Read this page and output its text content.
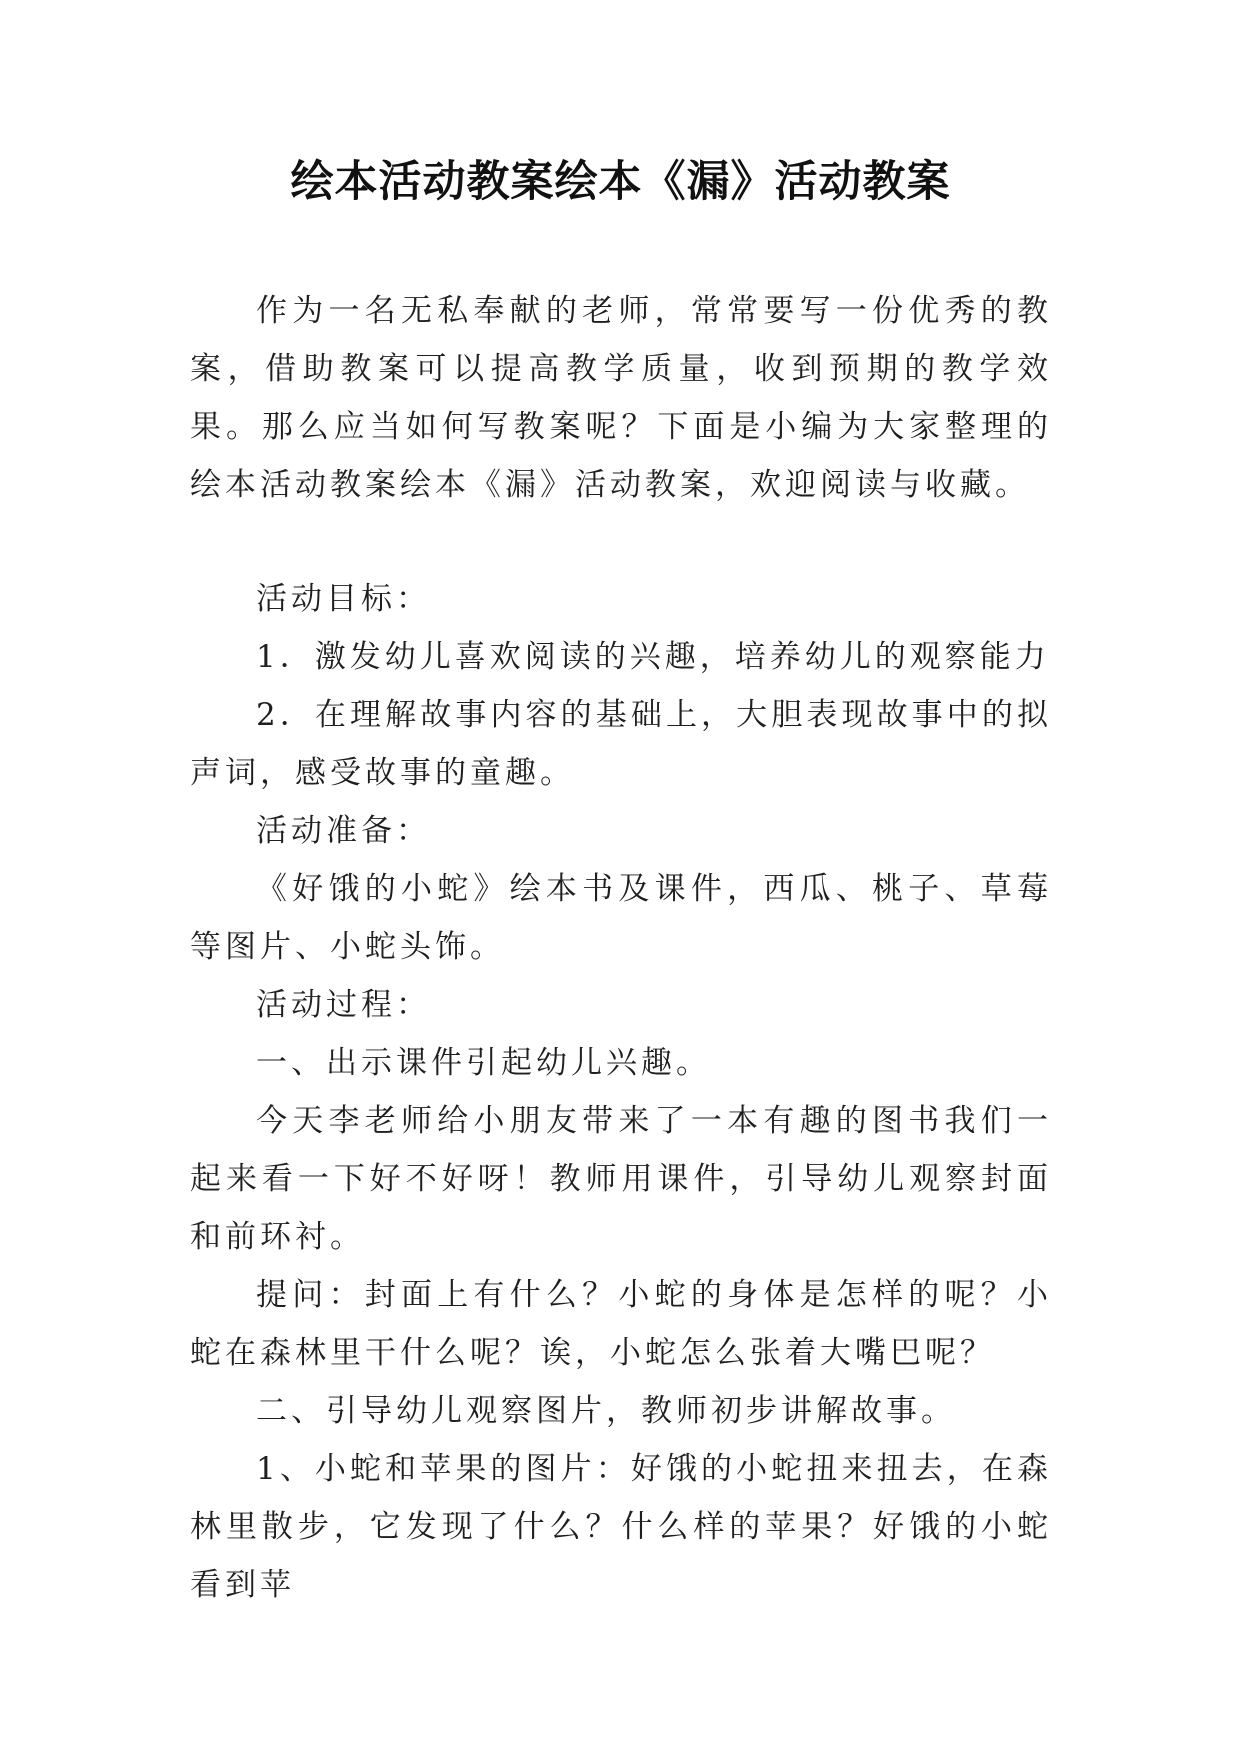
绘本活动教案绘本《漏》活动教案

作为一名无私奉献的老师，常常要写一份优秀的教案，借助教案可以提高教学质量，收到预期的教学效果。那么应当如何写教案呢？下面是小编为大家整理的绘本活动教案绘本《漏》活动教案，欢迎阅读与收藏。

活动目标：

1．激发幼儿喜欢阅读的兴趣，培养幼儿的观察能力

2．在理解故事内容的基础上，大胆表现故事中的拟声词，感受故事的童趣。

活动准备：

《好饿的小蛇》绘本书及课件，西瓜、桃子、草莓等图片、小蛇头饰。

活动过程：

一、出示课件引起幼儿兴趣。

今天李老师给小朋友带来了一本有趣的图书我们一起来看一下好不好呀！教师用课件，引导幼儿观察封面和前环衬。

提问：封面上有什么？小蛇的身体是怎样的呢？小蛇在森林里干什么呢？诶，小蛇怎么张着大嘴巴呢？

二、引导幼儿观察图片，教师初步讲解故事。

1、小蛇和苹果的图片：好饿的小蛇扭来扭去，在森林里散步，它发现了什么？什么样的苹果？好饿的小蛇看到苹
